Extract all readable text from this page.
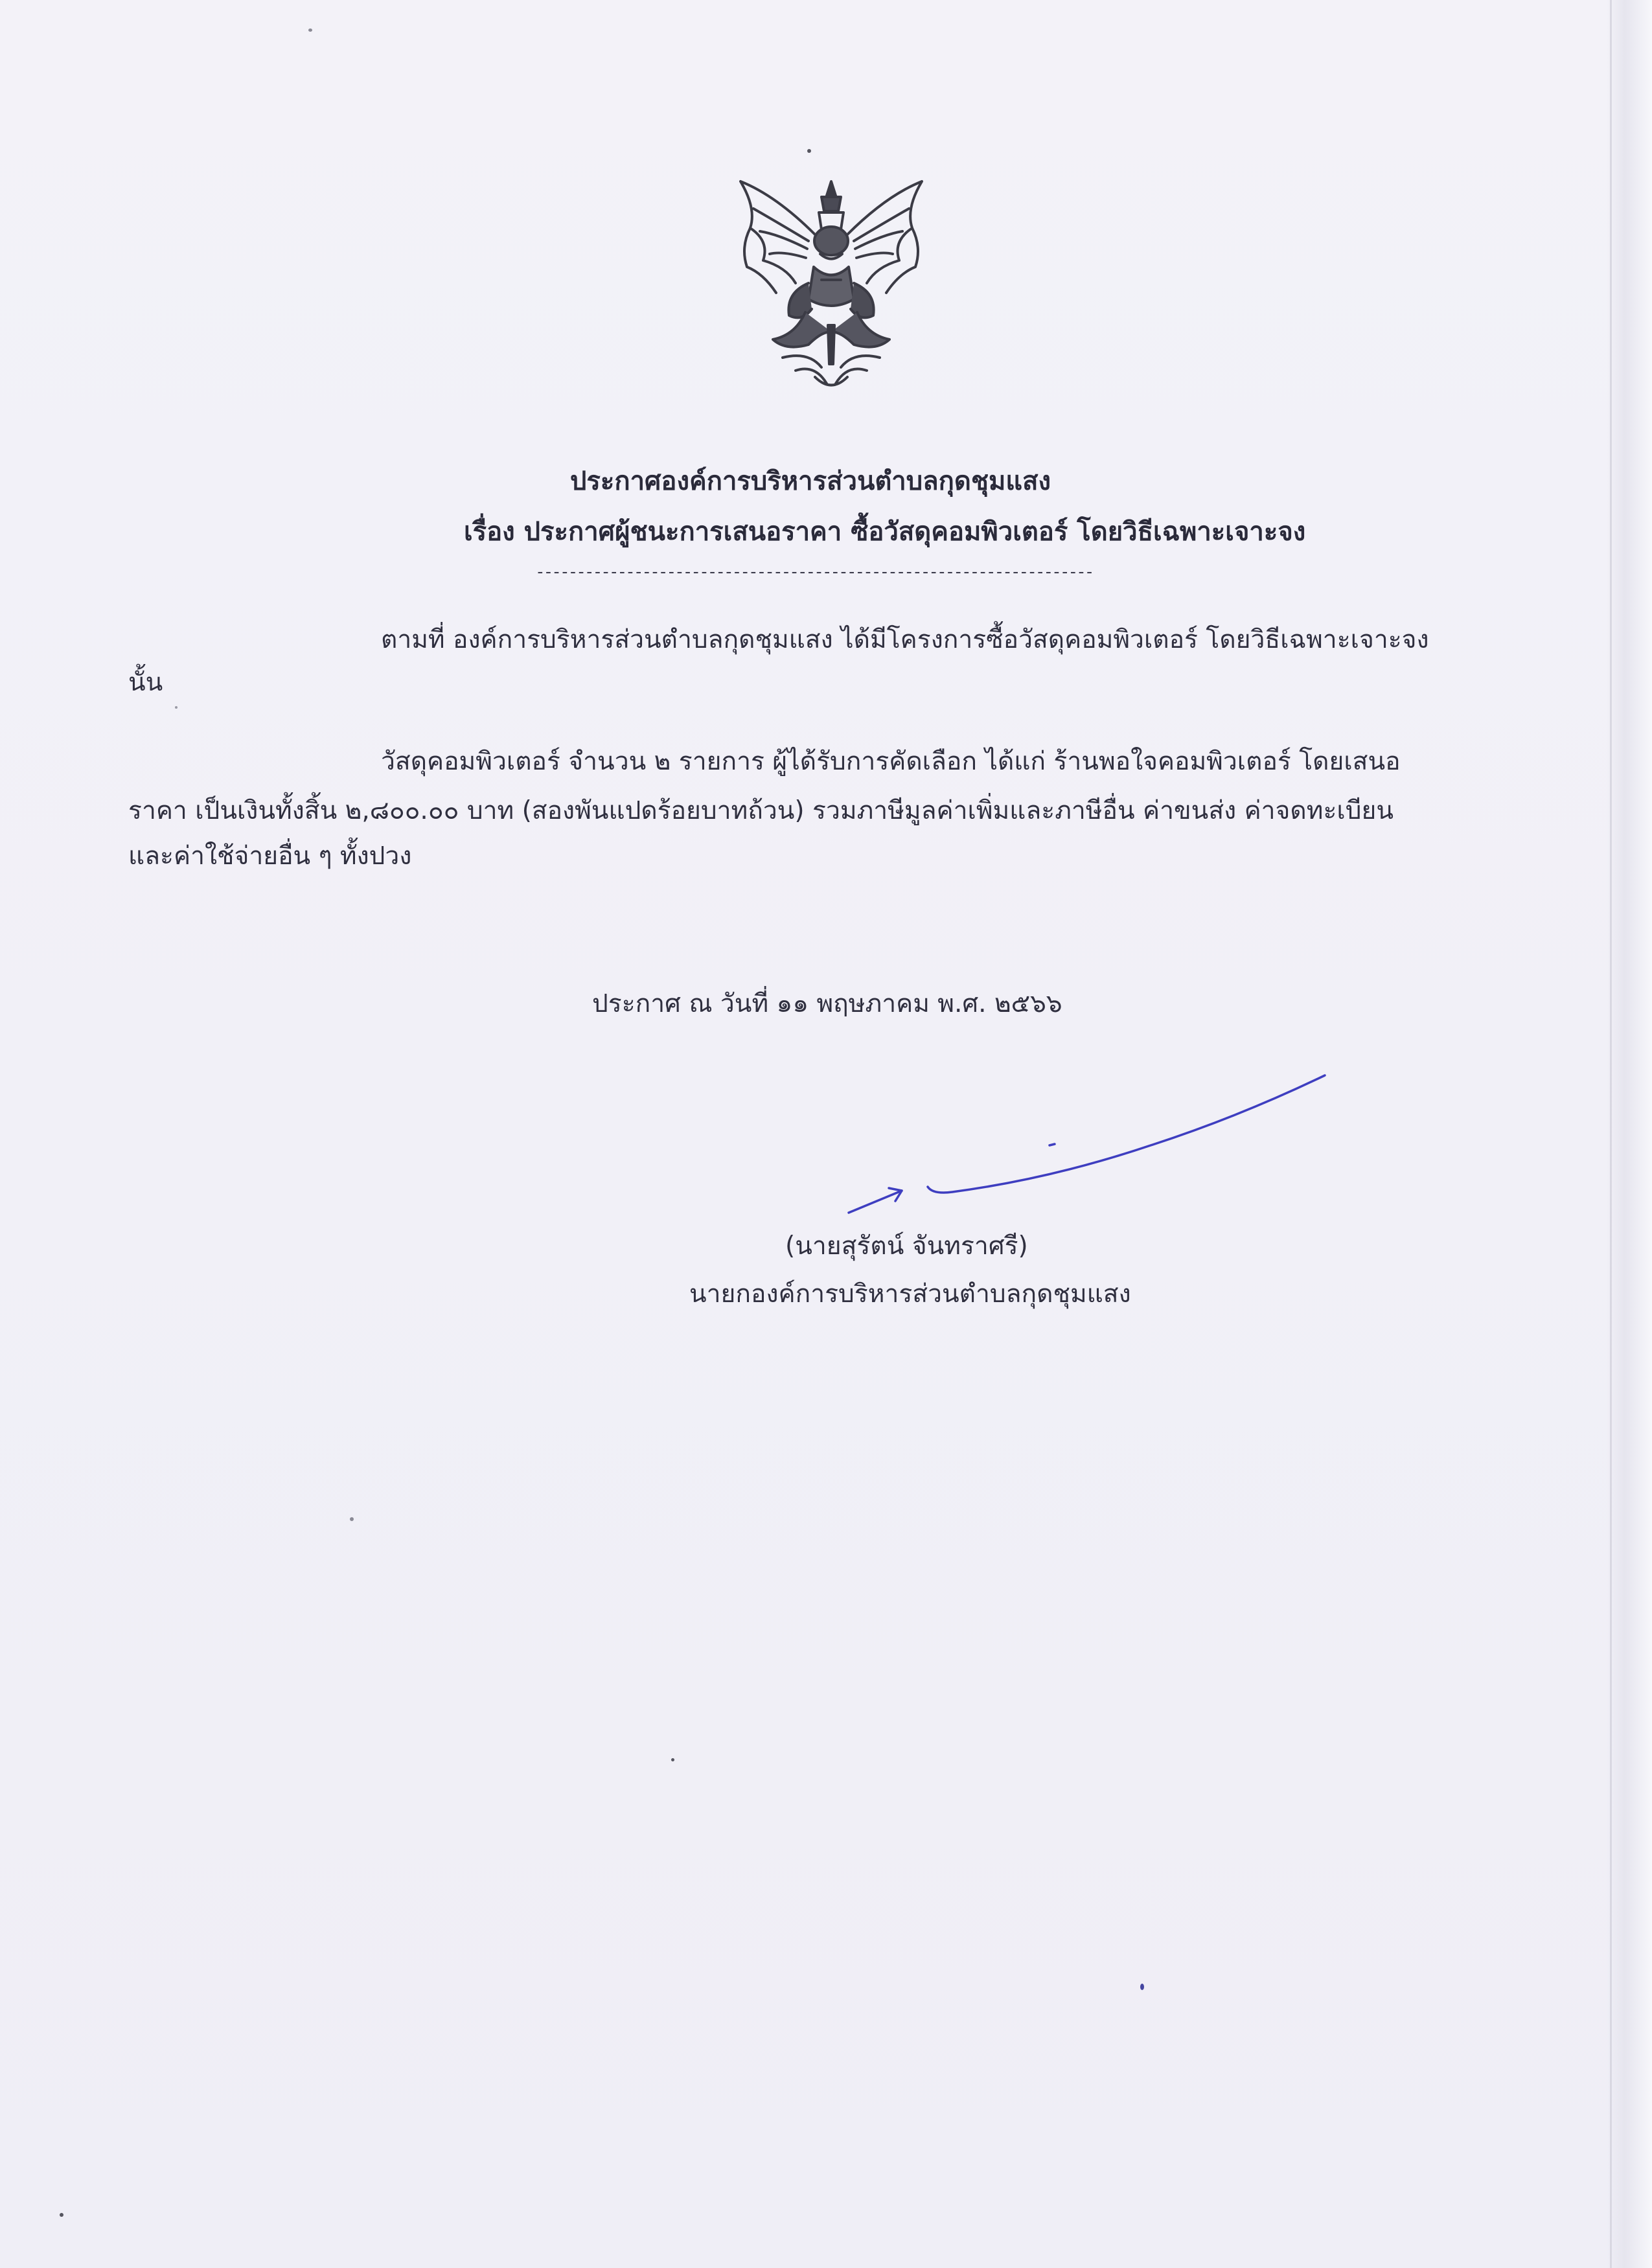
ประกาศองค์การบริหารส่วนตำบลกุดชุมแสง
เรื่อง ประกาศผู้ชนะการเสนอราคา ซื้อวัสดุคอมพิวเตอร์ โดยวิธีเฉพาะเจาะจง
--------------------------------------------------------------------
ตามที่ องค์การบริหารส่วนตำบลกุดชุมแสง ได้มีโครงการซื้อวัสดุคอมพิวเตอร์ โดยวิธีเฉพาะเจาะจง
นั้น
วัสดุคอมพิวเตอร์ จำนวน ๒ รายการ ผู้ได้รับการคัดเลือก ได้แก่ ร้านพอใจคอมพิวเตอร์ โดยเสนอ
ราคา เป็นเงินทั้งสิ้น ๒,๘๐๐.๐๐ บาท (สองพันแปดร้อยบาทถ้วน) รวมภาษีมูลค่าเพิ่มและภาษีอื่น ค่าขนส่ง ค่าจดทะเบียน
และค่าใช้จ่ายอื่น ๆ ทั้งปวง
ประกาศ ณ วันที่ ๑๑ พฤษภาคม พ.ศ. ๒๕๖๖
(นายสุรัตน์ จันทราศรี)
นายกองค์การบริหารส่วนตำบลกุดชุมแสง
